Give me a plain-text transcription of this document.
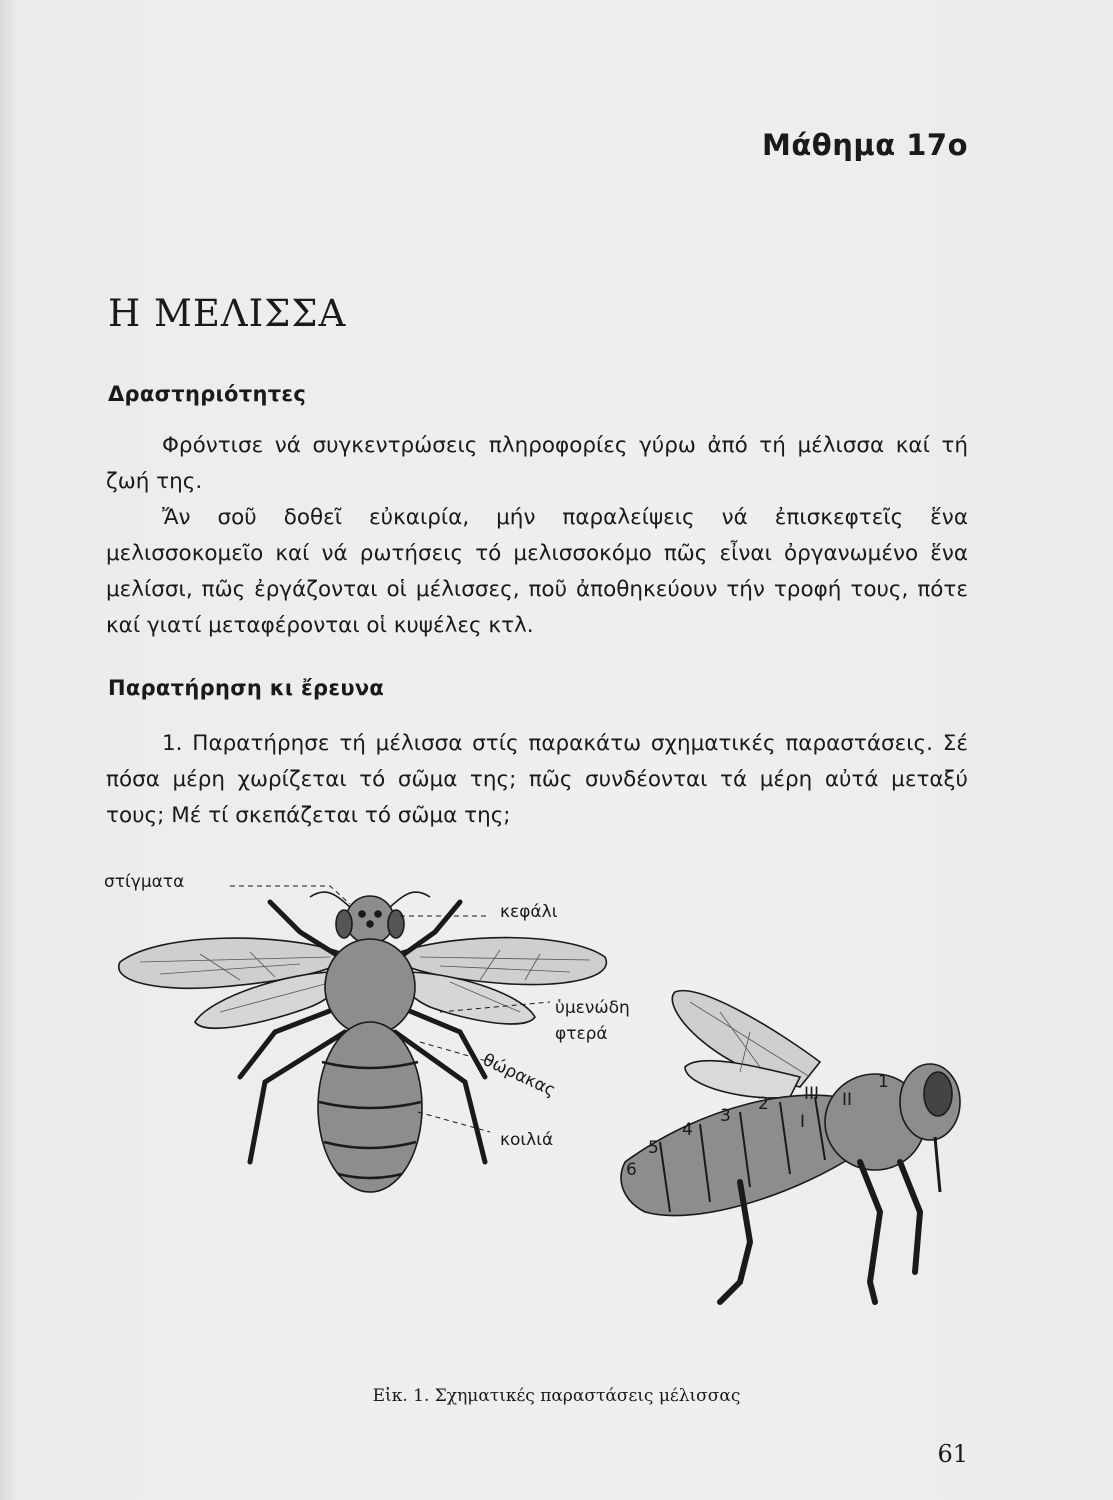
Μάθημα 17ο
Η ΜΕΛΙΣΣΑ
Δραστηριότητες

Φρόντισε νά συγκεντρώσεις πληροφορίες γύρω ἀπό τή μέλισσα καί τή ζωή της.

Ἄν σοῦ δοθεῖ εὐκαιρία, μήν παραλείψεις νά ἐπισκεφτεῖς ἕνα μελισσοκομεῖο καί νά ρωτήσεις τό μελισσοκόμο πῶς εἶναι ὀργανωμένο ἕνα μελίσσι, πῶς ἐργάζονται οἱ μέλισσες, ποῦ ἀποθηκεύουν τήν τροφή τους, πότε καί γιατί μεταφέρονται οἱ κυψέλες κτλ.

Παρατήρηση κι ἔρευνα

1. Παρατήρησε τή μέλισσα στίς παρακάτω σχηματικές παραστάσεις. Σέ πόσα μέρη χωρίζεται τό σῶμα της; πῶς συνδέονται τά μέρη αὐτά μεταξύ τους; Μέ τί σκεπάζεται τό σῶμα της;

στίγματα
κεφάλι
ὑμενώδη
φτερά
θώρακας
κοιλιά
1
2
3
4
5
6
I
II
III
Εἰκ. 1. Σχηματικές παραστάσεις μέλισσας
61
